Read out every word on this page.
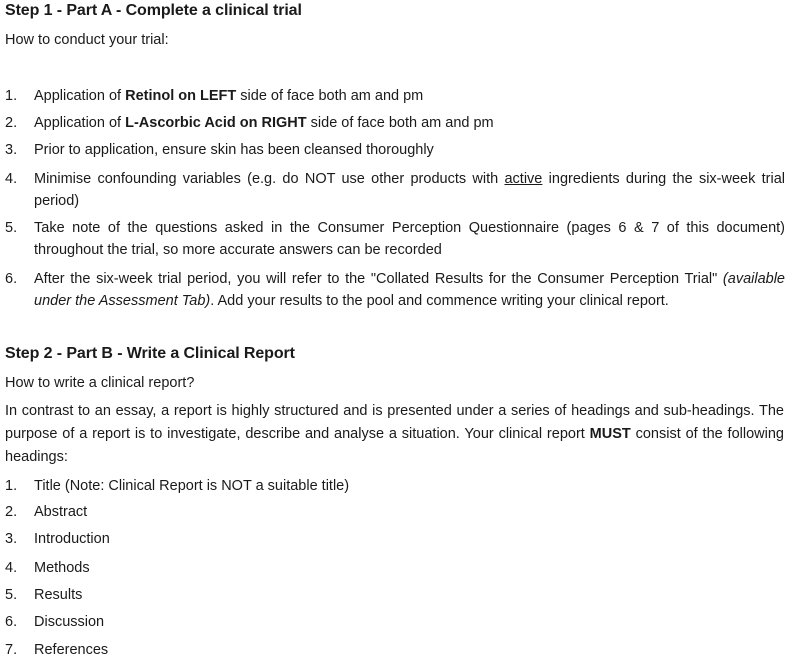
Step 1 - Part A - Complete a clinical trial

How to conduct your trial:

1.	Application of Retinol on LEFT side of face both am and pm
2.	Application of L-Ascorbic Acid on RIGHT side of face both am and pm
3.	Prior to application, ensure skin has been cleansed thoroughly
4.	Minimise confounding variables (e.g. do NOT use other products with active ingredients during the six-week trial period)
5.	Take note of the questions asked in the Consumer Perception Questionnaire (pages 6 & 7 of this document) throughout the trial, so more accurate answers can be recorded
6.	After the six-week trial period, you will refer to the "Collated Results for the Consumer Perception Trial" (available under the Assessment Tab). Add your results to the pool and commence writing your clinical report.

Step 2 - Part B - Write a Clinical Report

How to write a clinical report?

In contrast to an essay, a report is highly structured and is presented under a series of headings and sub-headings. The purpose of a report is to investigate, describe and analyse a situation. Your clinical report MUST consist of the following headings:

1.	Title (Note: Clinical Report is NOT a suitable title)
2.	Abstract
3.	Introduction
4.	Methods
5.	Results
6.	Discussion
7.	References
